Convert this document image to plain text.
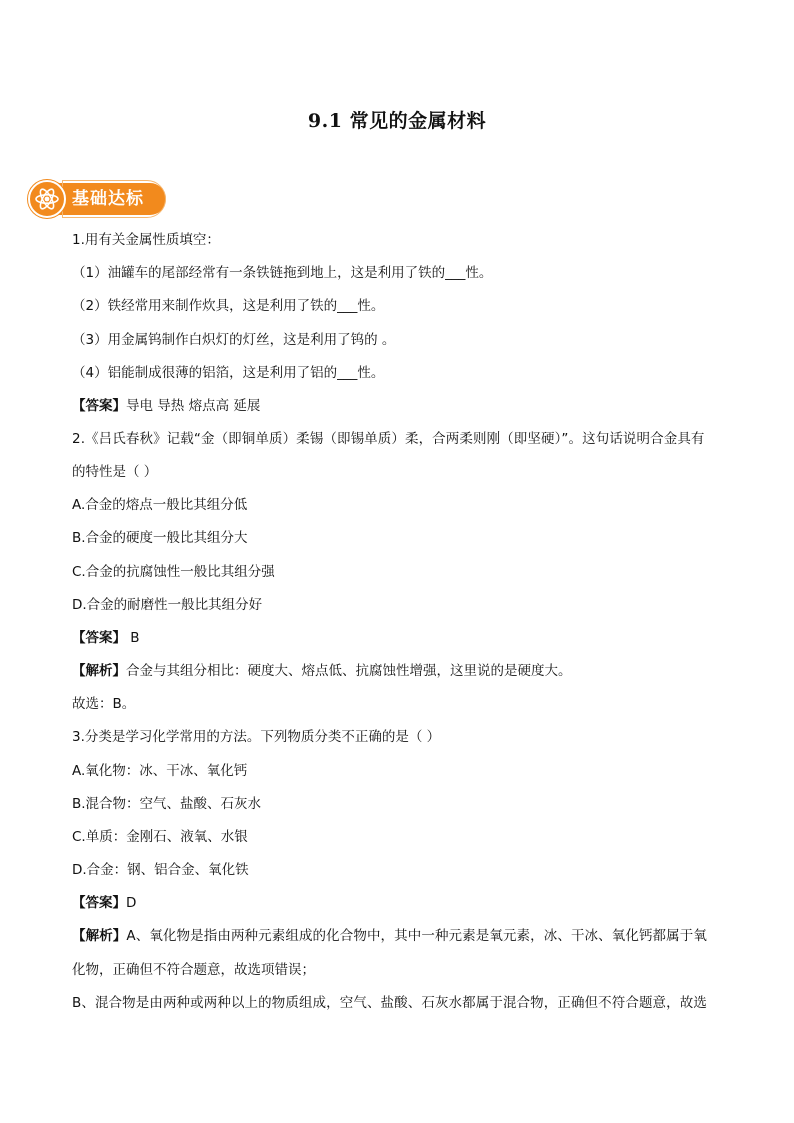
9.1 常见的金属材料
基础达标
1.用有关金属性质填空：
（1）油罐车的尾部经常有一条铁链拖到地上，这是利用了铁的___性。
（2）铁经常用来制作炊具，这是利用了铁的___性。
（3）用金属钨制作白炽灯的灯丝，这是利用了钨的 。
（4）铝能制成很薄的铝箔，这是利用了铝的___性。
【答案】导电 导热 熔点高 延展
2.《吕氏春秋》记载“金（即铜单质）柔锡（即锡单质）柔，合两柔则刚（即坚硬）”。这句话说明合金具有
的特性是（ ）
A.合金的熔点一般比其组分低
B.合金的硬度一般比其组分大
C.合金的抗腐蚀性一般比其组分强
D.合金的耐磨性一般比其组分好
【答案】 B
【解析】合金与其组分相比：硬度大、熔点低、抗腐蚀性增强，这里说的是硬度大。
故选：B。
3.分类是学习化学常用的方法。下列物质分类不正确的是（ ）
A.氧化物：冰、干冰、氧化钙
B.混合物：空气、盐酸、石灰水
C.单质：金刚石、液氧、水银
D.合金：钢、铝合金、氧化铁
【答案】D
【解析】A、氧化物是指由两种元素组成的化合物中，其中一种元素是氧元素，冰、干冰、氧化钙都属于氧
化物，正确但不符合题意，故选项错误；
B、混合物是由两种或两种以上的物质组成，空气、盐酸、石灰水都属于混合物，正确但不符合题意，故选
